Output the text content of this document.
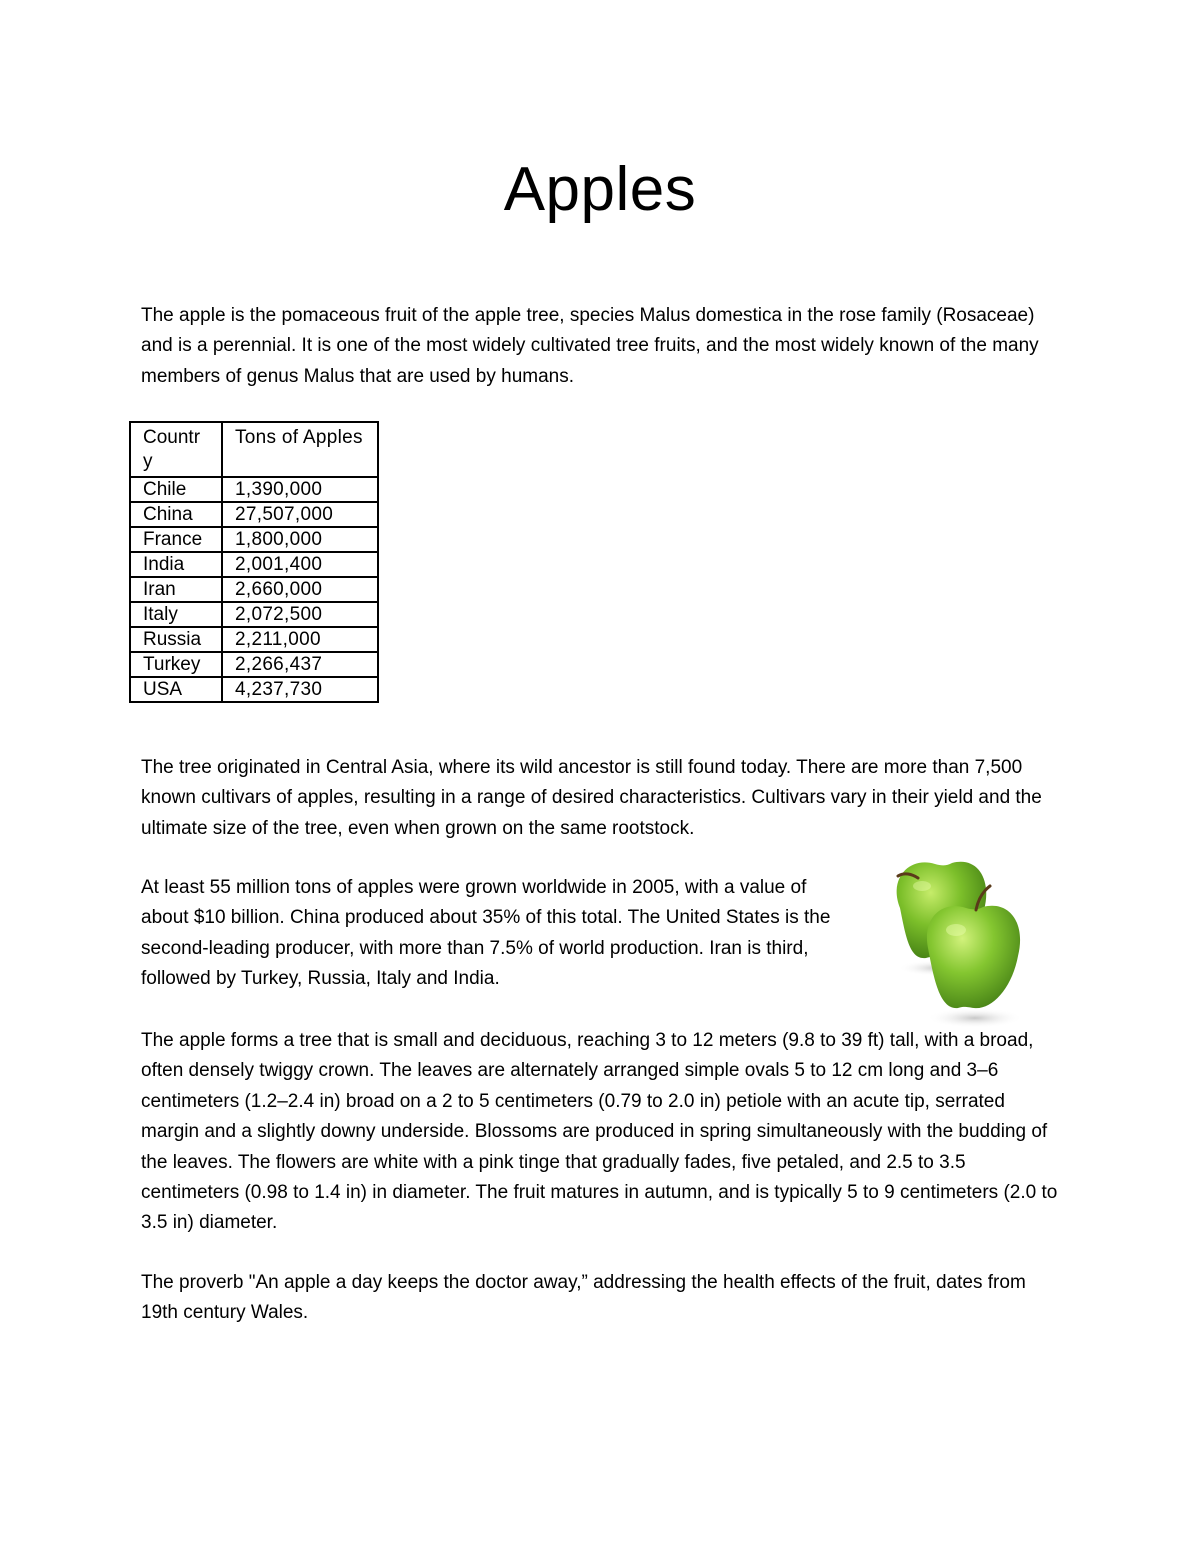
Apples

The apple is the pomaceous fruit of the apple tree, species Malus domestica in the rose family (Rosaceae) and is a perennial. It is one of the most widely cultivated tree fruits, and the most widely known of the many members of genus Malus that are used by humans.

Country	Tons of Apples
Chile	1,390,000
China	27,507,000
France	1,800,000
India	2,001,400
Iran	2,660,000
Italy	2,072,500
Russia	2,211,000
Turkey	2,266,437
USA	4,237,730

The tree originated in Central Asia, where its wild ancestor is still found today. There are more than 7,500 known cultivars of apples, resulting in a range of desired characteristics. Cultivars vary in their yield and the ultimate size of the tree, even when grown on the same rootstock.

At least 55 million tons of apples were grown worldwide in 2005, with a value of about $10 billion. China produced about 35% of this total. The United States is the second-leading producer, with more than 7.5% of world production. Iran is third, followed by Turkey, Russia, Italy and India.

The apple forms a tree that is small and deciduous, reaching 3 to 12 meters (9.8 to 39 ft) tall, with a broad, often densely twiggy crown. The leaves are alternately arranged simple ovals 5 to 12 cm long and 3–6 centimeters (1.2–2.4 in) broad on a 2 to 5 centimeters (0.79 to 2.0 in) petiole with an acute tip, serrated margin and a slightly downy underside. Blossoms are produced in spring simultaneously with the budding of the leaves. The flowers are white with a pink tinge that gradually fades, five petaled, and 2.5 to 3.5 centimeters (0.98 to 1.4 in) in diameter. The fruit matures in autumn, and is typically 5 to 9 centimeters (2.0 to 3.5 in) diameter.

The proverb "An apple a day keeps the doctor away,” addressing the health effects of the fruit, dates from 19th century Wales.
